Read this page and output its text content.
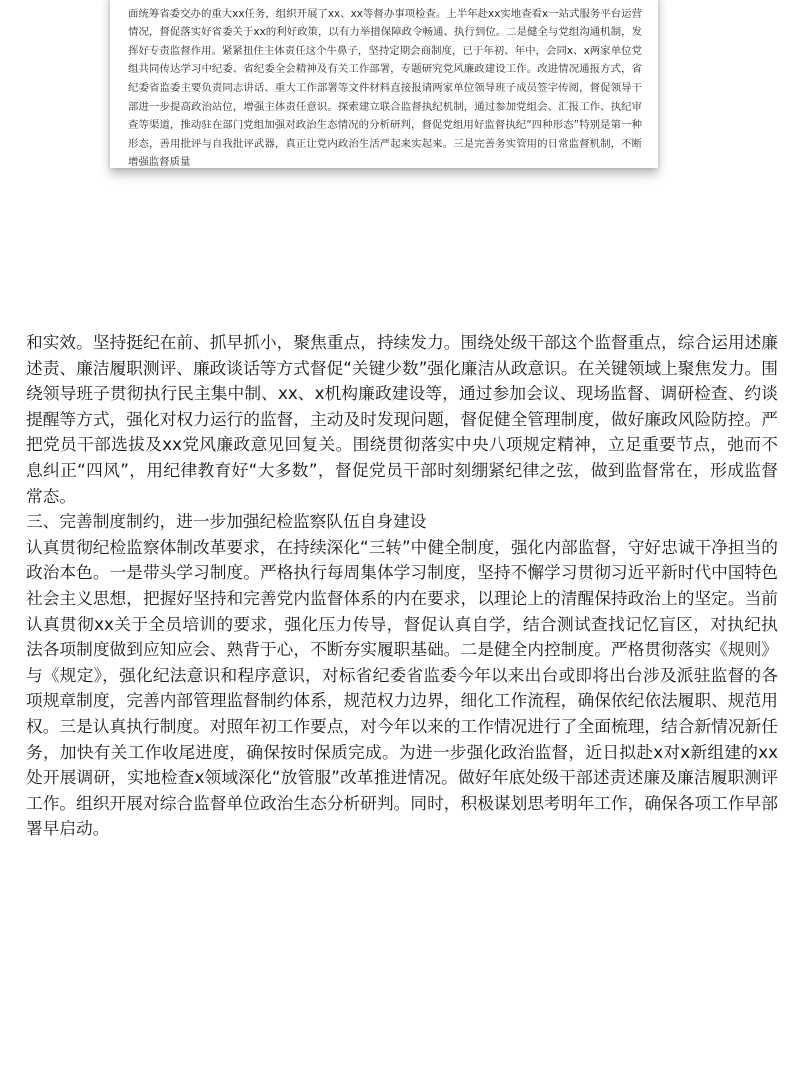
面统筹省委交办的重大xx任务，组织开展了xx、xx等督办事项检查。上半年赴xx实地查看x一站式服务平台运营情况，督促落实好省委关于xx的利好政策，以有力举措保障政令畅通、执行到位。二是健全与党组沟通机制，发挥好专责监督作用。紧紧扭住主体责任这个牛鼻子，坚持定期会商制度，已于年初、年中，会同x、x两家单位党组共同传达学习中纪委、省纪委全会精神及有关工作部署，专题研究党风廉政建设工作。改进情况通报方式，省纪委省监委主要负责同志讲话、重大工作部署等文件材料直接报请两家单位领导班子成员签字传阅，督促领导干部进一步提高政治站位，增强主体责任意识。探索建立联合监督执纪机制，通过参加党组会、汇报工作、执纪审查等渠道，推动驻在部门党组加强对政治生态情况的分析研判，督促党组用好监督执纪“四种形态”特别是第一种形态，善用批评与自我批评武器，真正让党内政治生活严起来实起来。三是完善务实管用的日常监督机制，不断增强监督质量

和实效。坚持挺纪在前、抓早抓小，聚焦重点，持续发力。围绕处级干部这个监督重点，综合运用述廉述责、廉洁履职测评、廉政谈话等方式督促“关键少数”强化廉洁从政意识。在关键领域上聚焦发力。围绕领导班子贯彻执行民主集中制、xx、x机构廉政建设等，通过参加会议、现场监督、调研检查、约谈提醒等方式，强化对权力运行的监督，主动及时发现问题，督促健全管理制度，做好廉政风险防控。严把党员干部选拔及xx党风廉政意见回复关。围绕贯彻落实中央八项规定精神，立足重要节点，弛而不息纠正“四风”，用纪律教育好“大多数”，督促党员干部时刻绷紧纪律之弦，做到监督常在，形成监督常态。

三、完善制度制约，进一步加强纪检监察队伍自身建设

认真贯彻纪检监察体制改革要求，在持续深化“三转”中健全制度，强化内部监督，守好忠诚干净担当的政治本色。一是带头学习制度。严格执行每周集体学习制度，坚持不懈学习贯彻习近平新时代中国特色社会主义思想，把握好坚持和完善党内监督体系的内在要求，以理论上的清醒保持政治上的坚定。当前认真贯彻xx关于全员培训的要求，强化压力传导，督促认真自学，结合测试查找记忆盲区，对执纪执法各项制度做到应知应会、熟背于心，不断夯实履职基础。二是健全内控制度。严格贯彻落实《规则》与《规定》，强化纪法意识和程序意识，对标省纪委省监委今年以来出台或即将出台涉及派驻监督的各项规章制度，完善内部管理监督制约体系，规范权力边界，细化工作流程，确保依纪依法履职、规范用权。三是认真执行制度。对照年初工作要点，对今年以来的工作情况进行了全面梳理，结合新情况新任务，加快有关工作收尾进度，确保按时保质完成。为进一步强化政治监督，近日拟赴x对x新组建的xx处开展调研，实地检查x领域深化“放管服”改革推进情况。做好年底处级干部述责述廉及廉洁履职测评工作。组织开展对综合监督单位政治生态分析研判。同时，积极谋划思考明年工作，确保各项工作早部署早启动。
